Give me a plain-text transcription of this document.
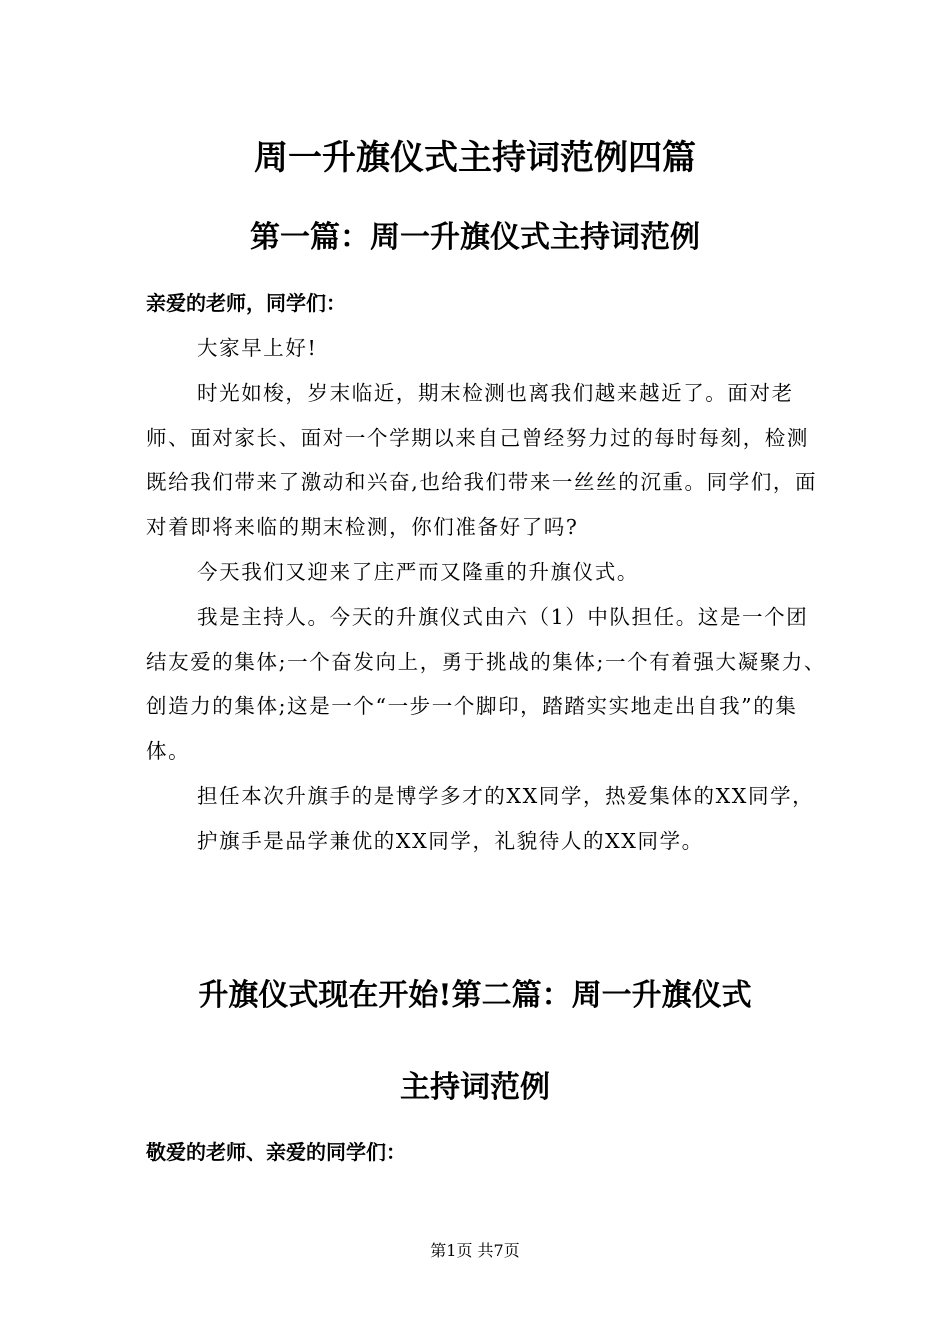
周一升旗仪式主持词范例四篇
第一篇：周一升旗仪式主持词范例
亲爱的老师，同学们：

大家早上好!

时光如梭，岁末临近，期末检测也离我们越来越近了。面对老师、面对家长、面对一个学期以来自己曾经努力过的每时每刻，检测既给我们带来了激动和兴奋,也给我们带来一丝丝的沉重。同学们，面对着即将来临的期末检测，你们准备好了吗?

今天我们又迎来了庄严而又隆重的升旗仪式。

我是主持人。今天的升旗仪式由六（1）中队担任。这是一个团结友爱的集体;一个奋发向上，勇于挑战的集体;一个有着强大凝聚力、创造力的集体;这是一个“一步一个脚印，踏踏实实地走出自我”的集体。

担任本次升旗手的是博学多才的XX同学，热爱集体的XX同学，

护旗手是品学兼优的XX同学，礼貌待人的XX同学。

升旗仪式现在开始!第二篇：周一升旗仪式
主持词范例
敬爱的老师、亲爱的同学们：
第1页 共7页
